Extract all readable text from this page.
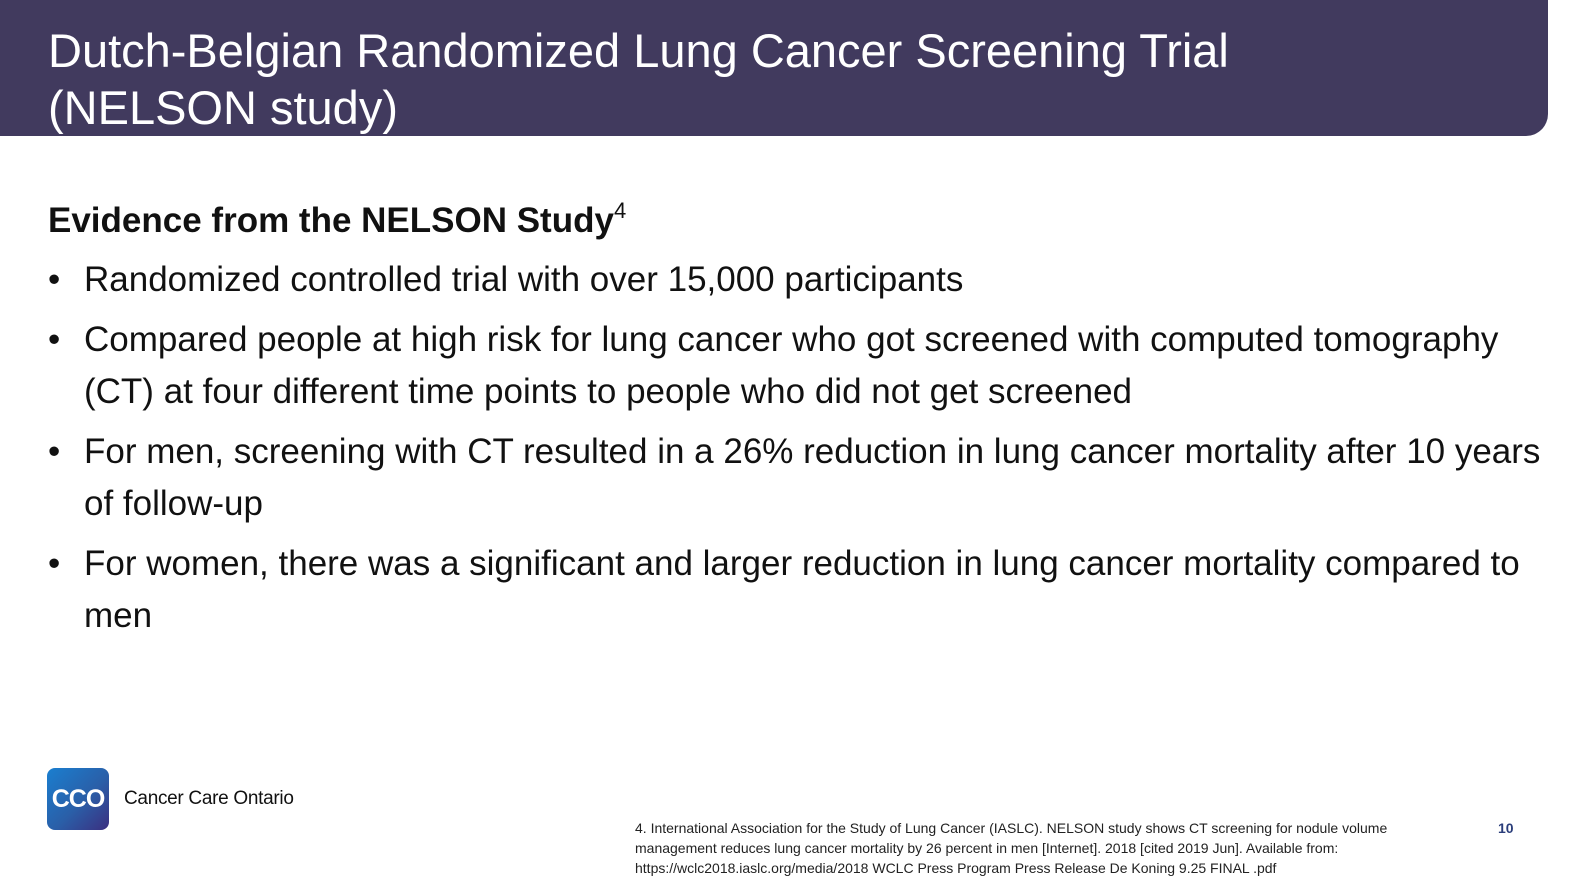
Dutch-Belgian Randomized Lung Cancer Screening Trial
(NELSON study)
Evidence from the NELSON Study$^4$
• Randomized controlled trial with over 15,000 participants
• Compared people at high risk for lung cancer who got screened with computed tomography (CT) at four different time points to people who did not get screened
• For men, screening with CT resulted in a 26% reduction in lung cancer mortality after 10 years of follow-up
• For women, there was a significant and larger reduction in lung cancer mortality compared to men
CCO Cancer Care Ontario
4. International Association for the Study of Lung Cancer (IASLC). NELSON study shows CT screening for nodule volume management reduces lung cancer mortality by 26 percent in men [Internet]. 2018 [cited 2019 Jun]. Available from: https://wclc2018.iaslc.org/media/2018 WCLC Press Program Press Release De Koning 9.25 FINAL .pdf
10
